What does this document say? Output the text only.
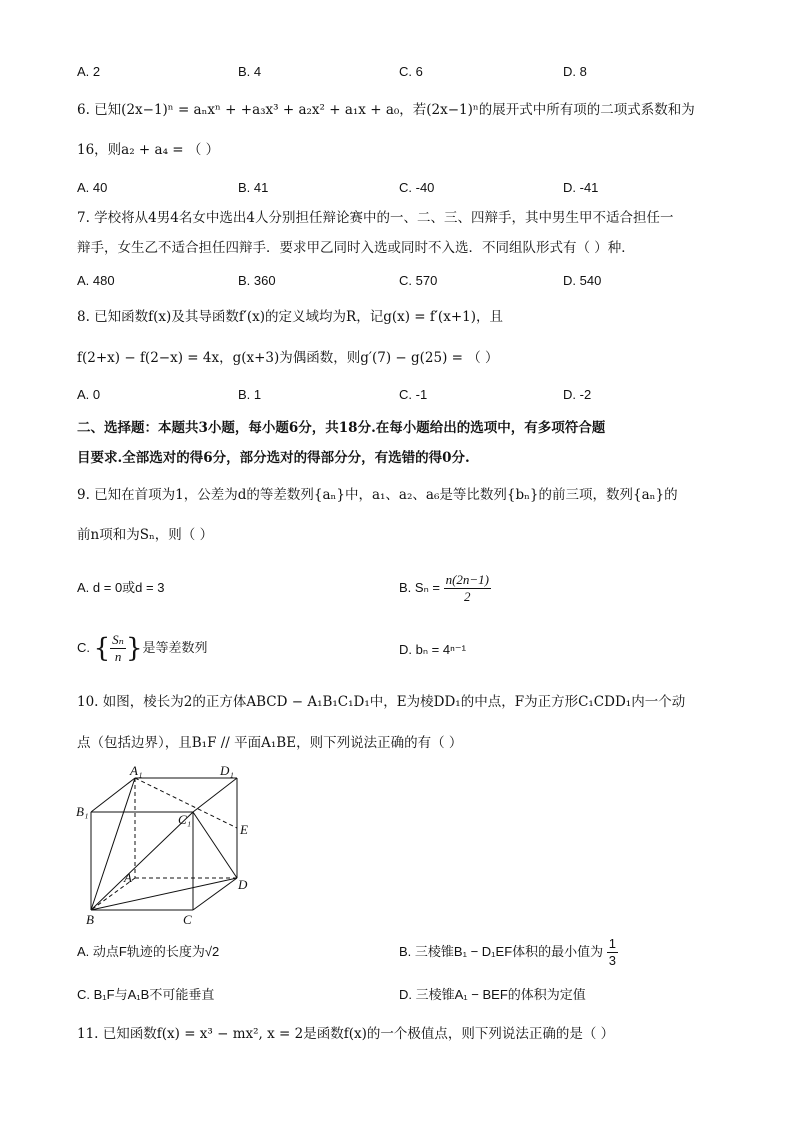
A. 2	B. 4	C. 6	D. 8
6. 已知(2x−1)ⁿ = aₙxⁿ + +a₃x³ + a₂x² + a₁x + a₀，若(2x−1)ⁿ的展开式中所有项的二项式系数和为
16，则a₂ + a₄ = （ ）
A. 40	B. 41	C. -40	D. -41
7. 学校将从4男4名女中选出4人分别担任辩论赛中的一、二、三、四辩手，其中男生甲不适合担任一
辩手，女生乙不适合担任四辩手．要求甲乙同时入选或同时不入选．不同组队形式有（ ）种．
A. 480	B. 360	C. 570	D. 540
8. 已知函数f(x)及其导函数f′(x)的定义域均为R，记g(x) = f′(x+1)，且
f(2+x) − f(2−x) = 4x，g(x+3)为偶函数，则g′(7) − g(25) = （ ）
A. 0	B. 1	C. -1	D. -2
二、选择题：本题共3小题，每小题6分，共18分.在每小题给出的选项中，有多项符合题
目要求.全部选对的得6分，部分选对的得部分分，有选错的得0分.
9. 已知在首项为1，公差为d的等差数列{aₙ}中，a₁、a₂、a₆是等比数列{bₙ}的前三项，数列{aₙ}的
前n项和为Sₙ，则（ ）
A. d = 0或d = 3	B. $S_n = \frac{n(2n-1)}{2}$
C. { $\frac{\text{Sₙ}}{n}$ }是等差数列	D. bₙ = 4ⁿ⁻¹
10. 如图，棱长为2的正方体ABCD − A₁B₁C₁D₁中，E为棱DD₁的中点，F为正方形C₁CDD₁内一个动
点（包括边界），且B₁F // 平面A₁BE，则下列说法正确的有（ ）
A₁	D₁
B₁
C₁
E
A	D
B	C
A. 动点F轨迹的长度为√2	B. 三棱锥B₁ − D₁EF体积的最小值为 $\frac{1}{3}$
C. B₁F与A₁B不可能垂直	D. 三棱锥A₁ − BEF的体积为定值
11. 已知函数f(x) = x³ − mx², x = 2是函数f(x)的一个极值点，则下列说法正确的是（ ）
